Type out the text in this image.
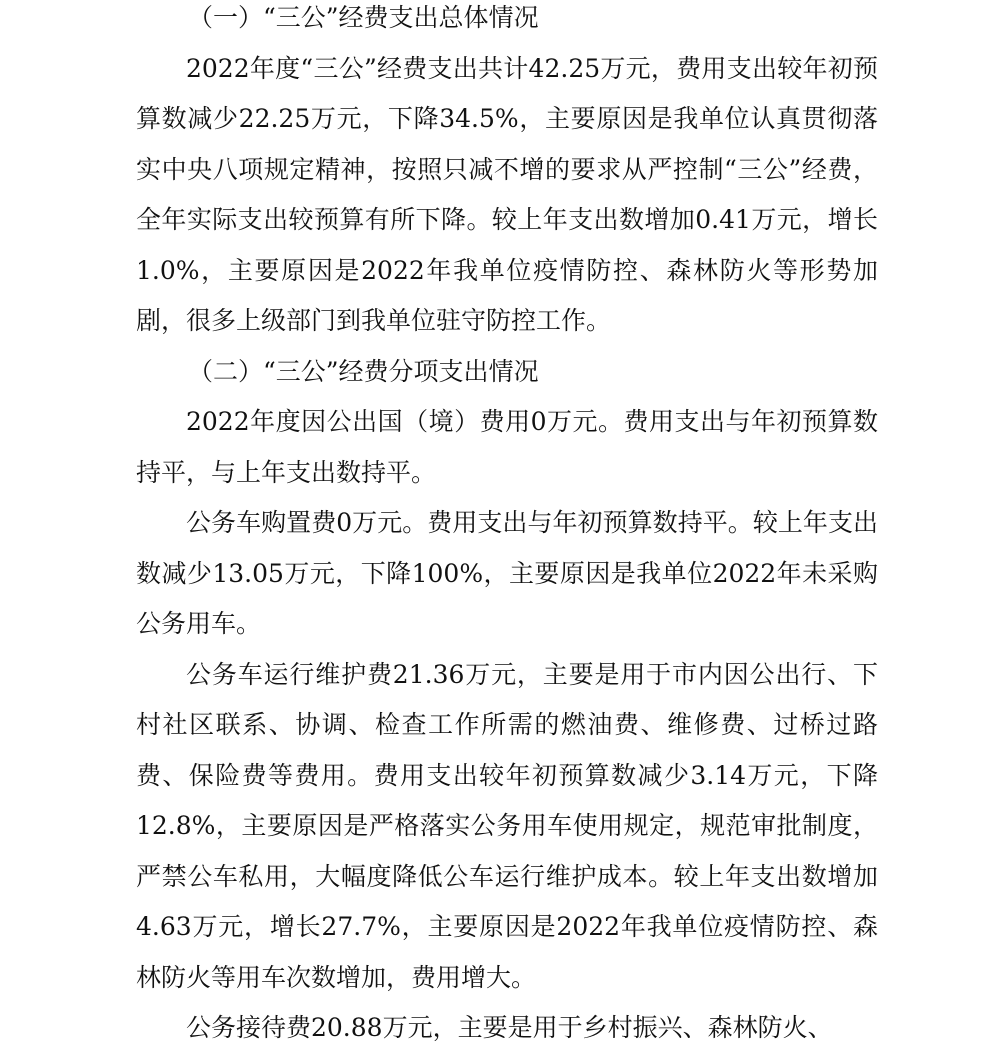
（一）“三公”经费支出总体情况

2022年度“三公”经费支出共计42.25万元，费用支出较年初预算数减少22.25万元，下降34.5%，主要原因是我单位认真贯彻落实中央八项规定精神，按照只减不增的要求从严控制“三公”经费，全年实际支出较预算有所下降。较上年支出数增加0.41万元，增长1.0%，主要原因是2022年我单位疫情防控、森林防火等形势加剧，很多上级部门到我单位驻守防控工作。

（二）“三公”经费分项支出情况

2022年度因公出国（境）费用0万元。费用支出与年初预算数持平，与上年支出数持平。

公务车购置费0万元。费用支出与年初预算数持平。较上年支出数减少13.05万元，下降100%，主要原因是我单位2022年未采购公务用车。

公务车运行维护费21.36万元，主要是用于市内因公出行、下村社区联系、协调、检查工作所需的燃油费、维修费、过桥过路费、保险费等费用。费用支出较年初预算数减少3.14万元，下降12.8%，主要原因是严格落实公务用车使用规定，规范审批制度，严禁公车私用，大幅度降低公车运行维护成本。较上年支出数增加4.63万元，增长27.7%，主要原因是2022年我单位疫情防控、森林防火等用车次数增加，费用增大。

公务接待费20.88万元，主要是用于乡村振兴、森林防火、
